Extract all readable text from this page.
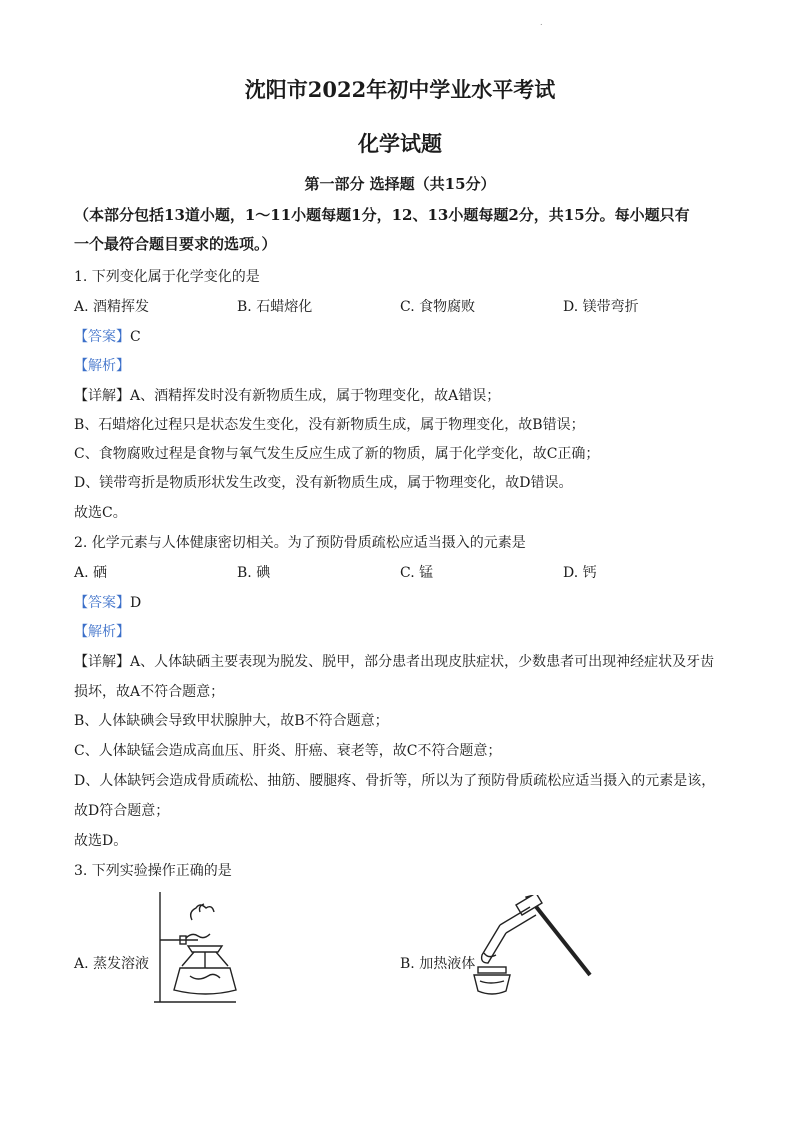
.
沈阳市2022年初中学业水平考试
化学试题
第一部分 选择题（共15分）
（本部分包括13道小题，1～11小题每题1分，12、13小题每题2分，共15分。每小题只有
一个最符合题目要求的选项。）
1. 下列变化属于化学变化的是
A. 酒精挥发	B. 石蜡熔化	C. 食物腐败	D. 镁带弯折
【答案】C
【解析】
【详解】A、酒精挥发时没有新物质生成，属于物理变化，故A错误；
B、石蜡熔化过程只是状态发生变化，没有新物质生成，属于物理变化，故B错误；
C、食物腐败过程是食物与氧气发生反应生成了新的物质，属于化学变化，故C正确；
D、镁带弯折是物质形状发生改变，没有新物质生成，属于物理变化，故D错误。
故选C。
2. 化学元素与人体健康密切相关。为了预防骨质疏松应适当摄入的元素是
A. 硒	B. 碘	C. 锰	D. 钙
【答案】D
【解析】
【详解】A、人体缺硒主要表现为脱发、脱甲，部分患者出现皮肤症状，少数患者可出现神经症状及牙齿
损坏，故A不符合题意；
B、人体缺碘会导致甲状腺肿大，故B不符合题意；
C、人体缺锰会造成高血压、肝炎、肝癌、衰老等，故C不符合题意；
D、人体缺钙会造成骨质疏松、抽筋、腰腿疼、骨折等，所以为了预防骨质疏松应适当摄入的元素是该，
故D符合题意；
故选D。
3. 下列实验操作正确的是
A. 蒸发溶液	B. 加热液体
